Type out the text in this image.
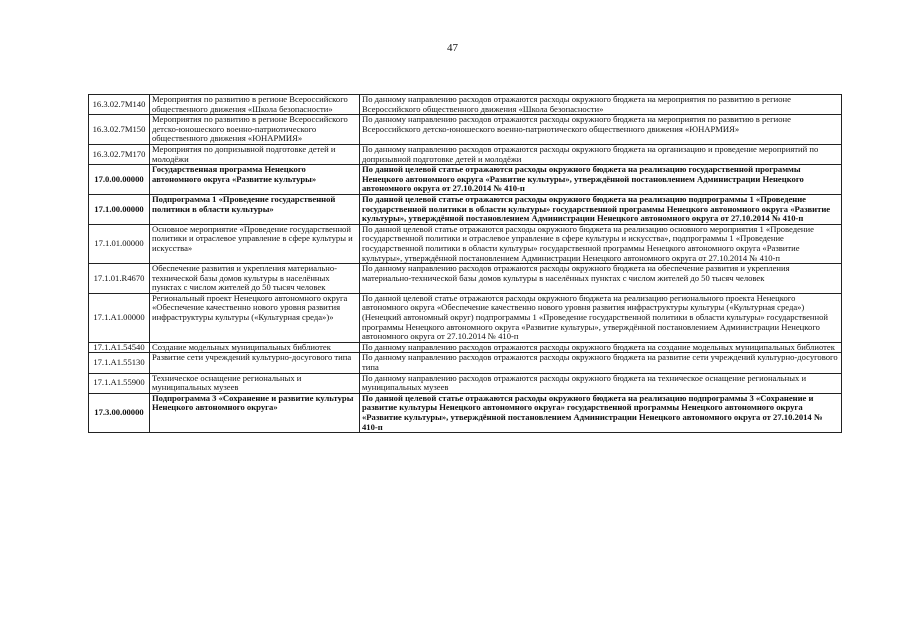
47
16.3.02.7М140	Мероприятия по развитию в регионе Всероссийского общественного движения «Школа безопасности»	По данному направлению расходов отражаются расходы окружного бюджета на мероприятия по развитию в регионе Всероссийского общественного движения «Школа безопасности»
16.3.02.7М150	Мероприятия по развитию в регионе Всероссийского детско-юношеского военно-патриотического общественного движения «ЮНАРМИЯ»	По данному направлению расходов отражаются расходы окружного бюджета на мероприятия по развитию в регионе Всероссийского детско-юношеского военно-патриотического общественного движения «ЮНАРМИЯ»
16.3.02.7М170	Мероприятия по допризывной подготовке детей и молодёжи	По данному направлению расходов отражаются расходы окружного бюджета на организацию и проведение мероприятий по допризывной подготовке детей и молодёжи
17.0.00.00000	Государственная программа Ненецкого автономного округа «Развитие культуры»	По данной целевой статье отражаются расходы окружного бюджета на реализацию государственной программы Ненецкого автономного округа «Развитие культуры», утверждённой постановлением Администрации Ненецкого автономного округа от 27.10.2014 № 410-п
17.1.00.00000	Подпрограмма 1 «Проведение государственной политики в области культуры»	По данной целевой статье отражаются расходы окружного бюджета на реализацию подпрограммы 1 «Проведение государственной политики в области культуры» государственной программы Ненецкого автономного округа «Развитие культуры», утверждённой постановлением Администрации Ненецкого автономного округа от 27.10.2014 № 410-п
17.1.01.00000	Основное мероприятие «Проведение государственной политики и отраслевое управление в сфере культуры и искусства»	По данной целевой статье отражаются расходы окружного бюджета на реализацию основного мероприятия 1 «Проведение государственной политики и отраслевое управление в сфере культуры и искусства», подпрограммы 1 «Проведение государственной политики в области культуры» государственной программы Ненецкого автономного округа «Развитие культуры», утверждённой постановлением Администрации Ненецкого автономного округа от 27.10.2014 № 410-п
17.1.01.R4670	Обеспечение развития и укрепления материально-технической базы домов культуры в населённых пунктах с числом жителей до 50 тысяч человек	По данному направлению расходов отражаются расходы окружного бюджета на обеспечение развития и укрепления материально-технической базы домов культуры в населённых пунктах с числом жителей до 50 тысяч человек
17.1.A1.00000	Региональный проект Ненецкого автономного округа «Обеспечение качественно нового уровня развития инфраструктуры культуры («Культурная среда»)»	По данной целевой статье отражаются расходы окружного бюджета на реализацию регионального проекта Ненецкого автономного округа «Обеспечение качественно нового уровня развития инфраструктуры культуры («Культурная среда») (Ненецкий автономный округ) подпрограммы 1 «Проведение государственной политики в области культуры» государственной программы Ненецкого автономного округа «Развитие культуры», утверждённой постановлением Администрации Ненецкого автономного округа от 27.10.2014 № 410-п
17.1.A1.54540	Создание модельных муниципальных библиотек	По данному направлению расходов отражаются расходы окружного бюджета на создание модельных муниципальных библиотек
17.1.A1.55130	Развитие сети учреждений культурно-досугового типа	По данному направлению расходов отражаются расходы окружного бюджета на развитие сети учреждений культурно-досугового типа
17.1.A1.55900	Техническое оснащение региональных и муниципальных музеев	По данному направлению расходов отражаются расходы окружного бюджета на техническое оснащение региональных и муниципальных музеев
17.3.00.00000	Подпрограмма 3 «Сохранение и развитие культуры Ненецкого автономного округа»	По данной целевой статье отражаются расходы окружного бюджета на реализацию подпрограммы 3 «Сохранение и развитие культуры Ненецкого автономного округа» государственной программы Ненецкого автономного округа «Развитие культуры», утверждённой постановлением Администрации Ненецкого автономного округа от 27.10.2014 № 410-п
